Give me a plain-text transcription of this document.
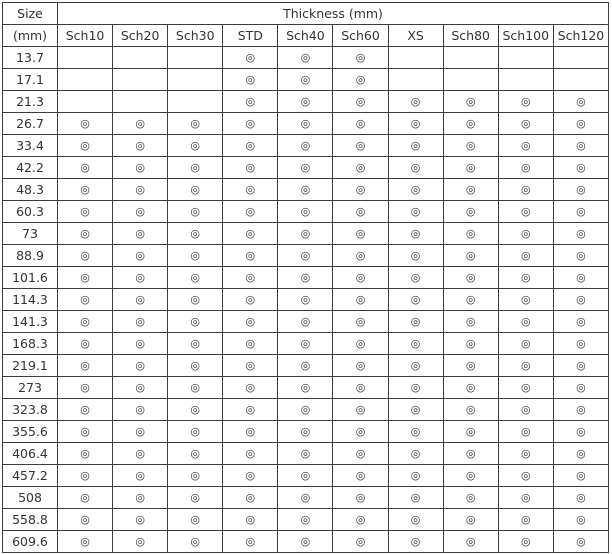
Size	Thickness (mm)									
(mm)	Sch10	Sch20	Sch30	STD	Sch40	Sch60	XS	Sch80	Sch100	Sch120
13.7				◎	◎	◎				
17.1				◎	◎	◎				
21.3				◎	◎	◎	◎	◎	◎	◎
26.7	◎	◎	◎	◎	◎	◎	◎	◎	◎	◎
33.4	◎	◎	◎	◎	◎	◎	◎	◎	◎	◎
42.2	◎	◎	◎	◎	◎	◎	◎	◎	◎	◎
48.3	◎	◎	◎	◎	◎	◎	◎	◎	◎	◎
60.3	◎	◎	◎	◎	◎	◎	◎	◎	◎	◎
73	◎	◎	◎	◎	◎	◎	◎	◎	◎	◎
88.9	◎	◎	◎	◎	◎	◎	◎	◎	◎	◎
101.6	◎	◎	◎	◎	◎	◎	◎	◎	◎	◎
114.3	◎	◎	◎	◎	◎	◎	◎	◎	◎	◎
141.3	◎	◎	◎	◎	◎	◎	◎	◎	◎	◎
168.3	◎	◎	◎	◎	◎	◎	◎	◎	◎	◎
219.1	◎	◎	◎	◎	◎	◎	◎	◎	◎	◎
273	◎	◎	◎	◎	◎	◎	◎	◎	◎	◎
323.8	◎	◎	◎	◎	◎	◎	◎	◎	◎	◎
355.6	◎	◎	◎	◎	◎	◎	◎	◎	◎	◎
406.4	◎	◎	◎	◎	◎	◎	◎	◎	◎	◎
457.2	◎	◎	◎	◎	◎	◎	◎	◎	◎	◎
508	◎	◎	◎	◎	◎	◎	◎	◎	◎	◎
558.8	◎	◎	◎	◎	◎	◎	◎	◎	◎	◎
609.6	◎	◎	◎	◎	◎	◎	◎	◎	◎	◎
